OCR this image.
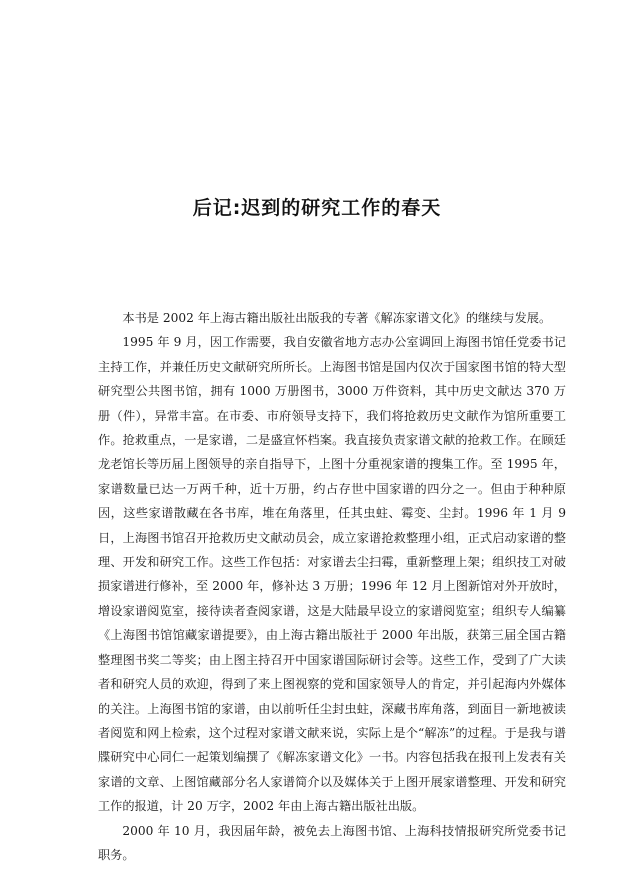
后记:迟到的研究工作的春天

本书是 2002 年上海古籍出版社出版我的专著《解冻家谱文化》的继续与发展。

1995 年 9 月，因工作需要，我自安徽省地方志办公室调回上海图书馆任党委书记主持工作，并兼任历史文献研究所所长。上海图书馆是国内仅次于国家图书馆的特大型研究型公共图书馆，拥有 1000 万册图书，3000 万件资料，其中历史文献达 370 万册（件），异常丰富。在市委、市府领导支持下，我们将抢救历史文献作为馆所重要工作。抢救重点，一是家谱，二是盛宣怀档案。我直接负责家谱文献的抢救工作。在顾廷龙老馆长等历届上图领导的亲自指导下，上图十分重视家谱的搜集工作。至 1995 年，家谱数量已达一万两千种，近十万册，约占存世中国家谱的四分之一。但由于种种原因，这些家谱散藏在各书库，堆在角落里，任其虫蛀、霉变、尘封。1996 年 1 月 9 日，上海图书馆召开抢救历史文献动员会，成立家谱抢救整理小组，正式启动家谱的整理、开发和研究工作。这些工作包括：对家谱去尘扫霉，重新整理上架；组织技工对破损家谱进行修补，至 2000 年，修补达 3 万册；1996 年 12 月上图新馆对外开放时，增设家谱阅览室，接待读者查阅家谱，这是大陆最早设立的家谱阅览室；组织专人编纂《上海图书馆馆藏家谱提要》，由上海古籍出版社于 2000 年出版，获第三届全国古籍整理图书奖二等奖；由上图主持召开中国家谱国际研讨会等。这些工作，受到了广大读者和研究人员的欢迎，得到了来上图视察的党和国家领导人的肯定，并引起海内外媒体的关注。上海图书馆的家谱，由以前听任尘封虫蛀，深藏书库角落，到面目一新地被读者阅览和网上检索，这个过程对家谱文献来说，实际上是个“解冻”的过程。于是我与谱牒研究中心同仁一起策划编撰了《解冻家谱文化》一书。内容包括我在报刊上发表有关家谱的文章、上图馆藏部分名人家谱简介以及媒体关于上图开展家谱整理、开发和研究工作的报道，计 20 万字，2002 年由上海古籍出版社出版。

2000 年 10 月，我因届年龄，被免去上海图书馆、上海科技情报研究所党委书记职务。
